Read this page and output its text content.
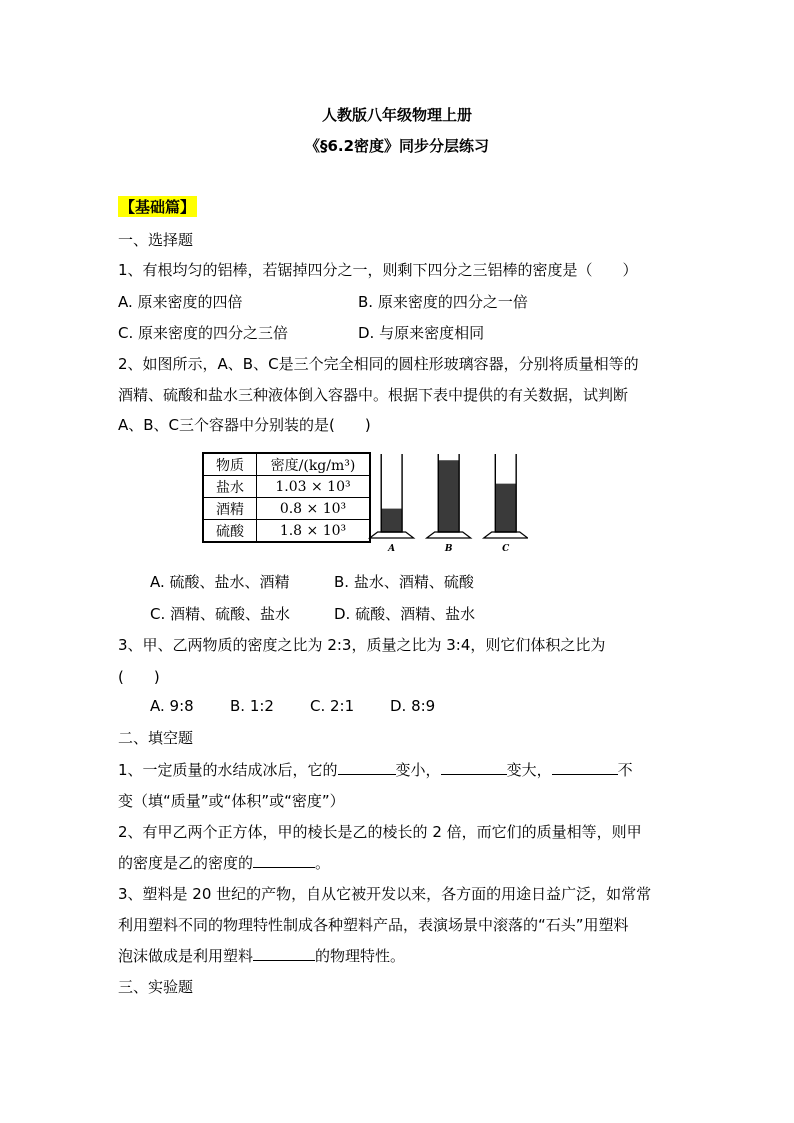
人教版八年级物理上册
《§6.2密度》同步分层练习
【基础篇】
一、选择题
1、有根均匀的铝棒，若锯掉四分之一，则剩下四分之三铝棒的密度是（　　）
A. 原来密度的四倍	B. 原来密度的四分之一倍
C. 原来密度的四分之三倍	D. 与原来密度相同
2、如图所示，A、B、C是三个完全相同的圆柱形玻璃容器，分别将质量相等的
酒精、硫酸和盐水三种液体倒入容器中。根据下表中提供的有关数据，试判断
A、B、C三个容器中分别装的是(　　)
物质	密度/(kg/m³)
盐水	1.03 × 10³
酒精	0.8 × 10³
硫酸	1.8 × 10³
A	B	C
A. 硫酸、盐水、酒精	B. 盐水、酒精、硫酸
C. 酒精、硫酸、盐水	D. 硫酸、酒精、盐水
3、甲、乙两物质的密度之比为 2:3，质量之比为 3:4，则它们体积之比为
(　　)
A. 9:8 B. 1:2 C. 2:1 D. 8:9
二、填空题
1、一定质量的水结成冰后，它的	变小，	变大，	不
变（填“质量”或“体积”或“密度”）
2、有甲乙两个正方体，甲的棱长是乙的棱长的 2 倍，而它们的质量相等，则甲
的密度是乙的密度的	。
3、塑料是 20 世纪的产物，自从它被开发以来，各方面的用途日益广泛，如常常
利用塑料不同的物理特性制成各种塑料产品，表演场景中滚落的“石头”用塑料
泡沫做成是利用塑料	的物理特性。
三、实验题
